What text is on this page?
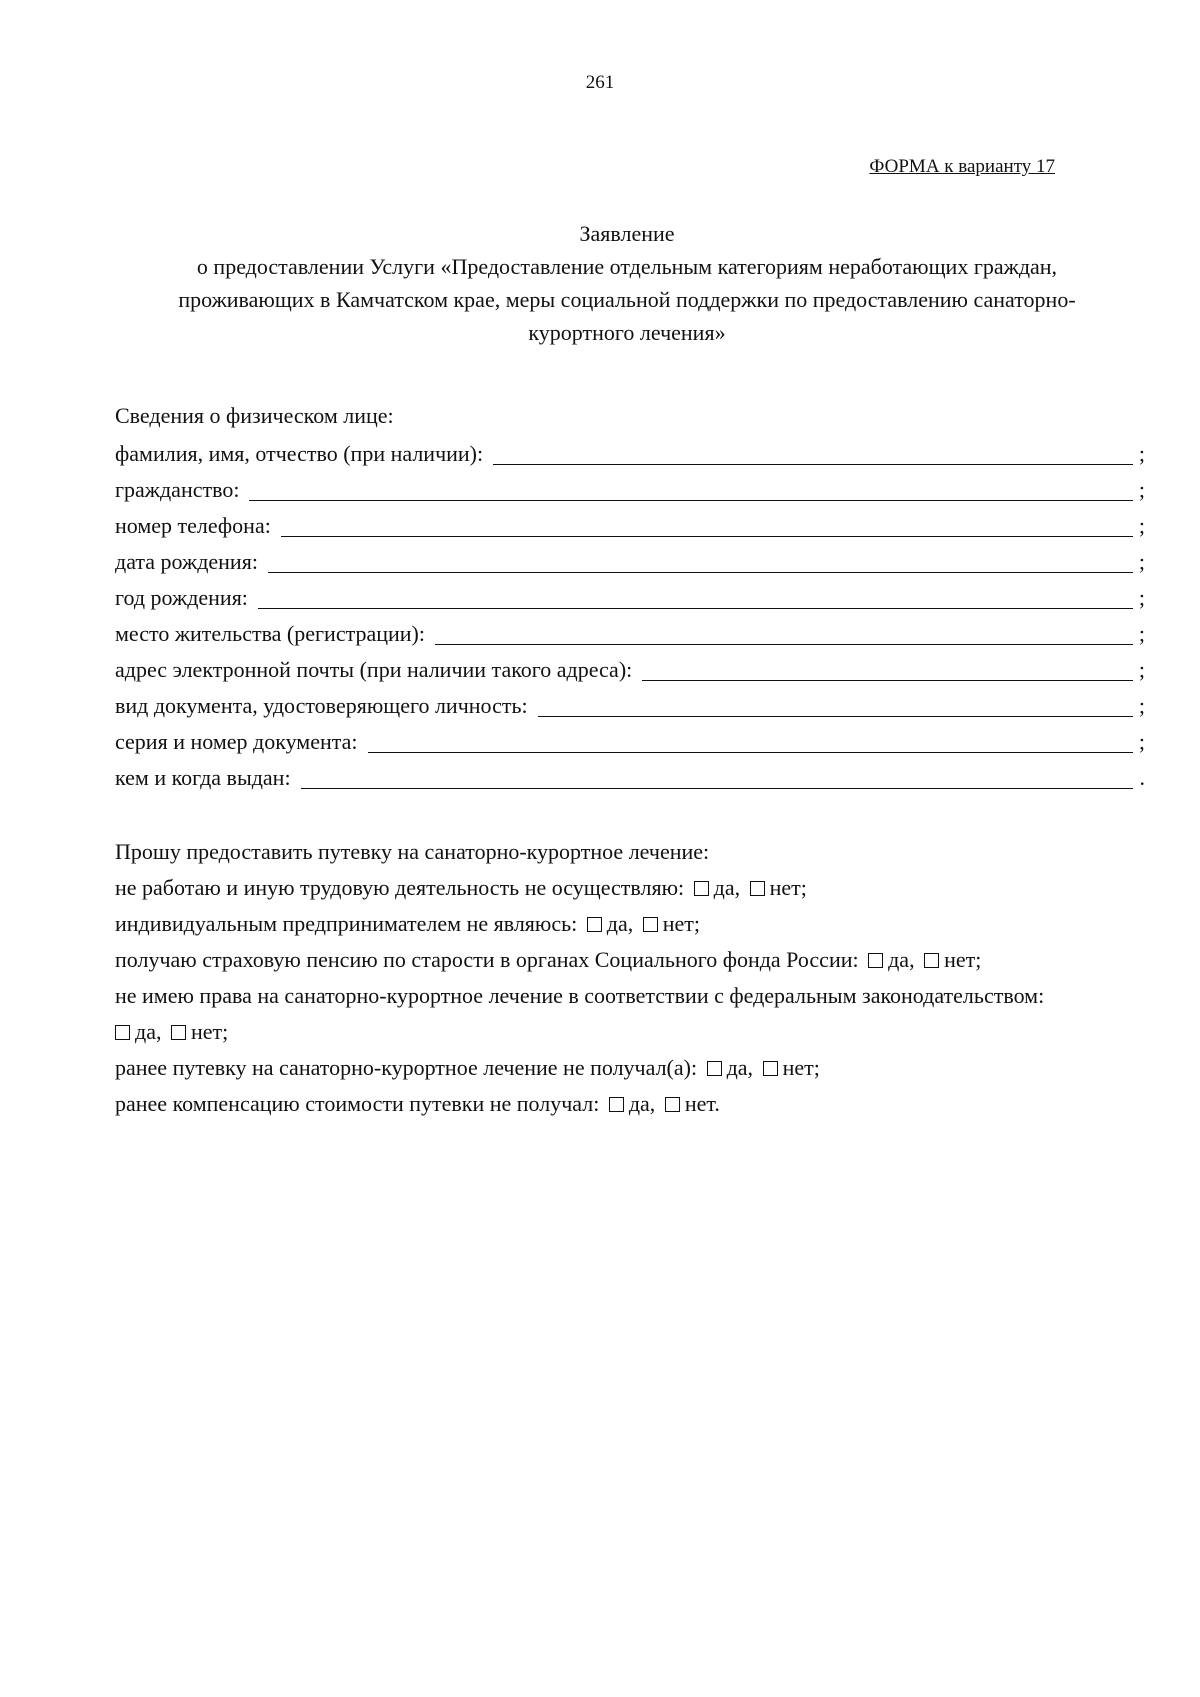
261
ФОРМА к варианту 17
Заявление
о предоставлении Услуги «Предоставление отдельным категориям неработающих граждан,
проживающих в Камчатском крае, меры социальной поддержки по предоставлению санаторно-
курортного лечения»
Сведения о физическом лице:
фамилия, имя, отчество (при наличии):	;
гражданство:	;
номер телефона:	;
дата рождения:	;
год рождения:	;
место жительства (регистрации):	;
адрес электронной почты (при наличии такого адреса):	;
вид документа, удостоверяющего личность:	;
серия и номер документа:	;
кем и когда выдан:	.
Прошу предоставить путевку на санаторно-курортное лечение:
не работаю и иную трудовую деятельность не осуществляю: да, нет;
индивидуальным предпринимателем не являюсь: да, нет;
получаю страховую пенсию по старости в органах Социального фонда России: да, нет;
не имею права на санаторно-курортное лечение в соответствии с федеральным законодательством:
да, нет;
ранее путевку на санаторно-курортное лечение не получал(а): да, нет;
ранее компенсацию стоимости путевки не получал: да, нет.
